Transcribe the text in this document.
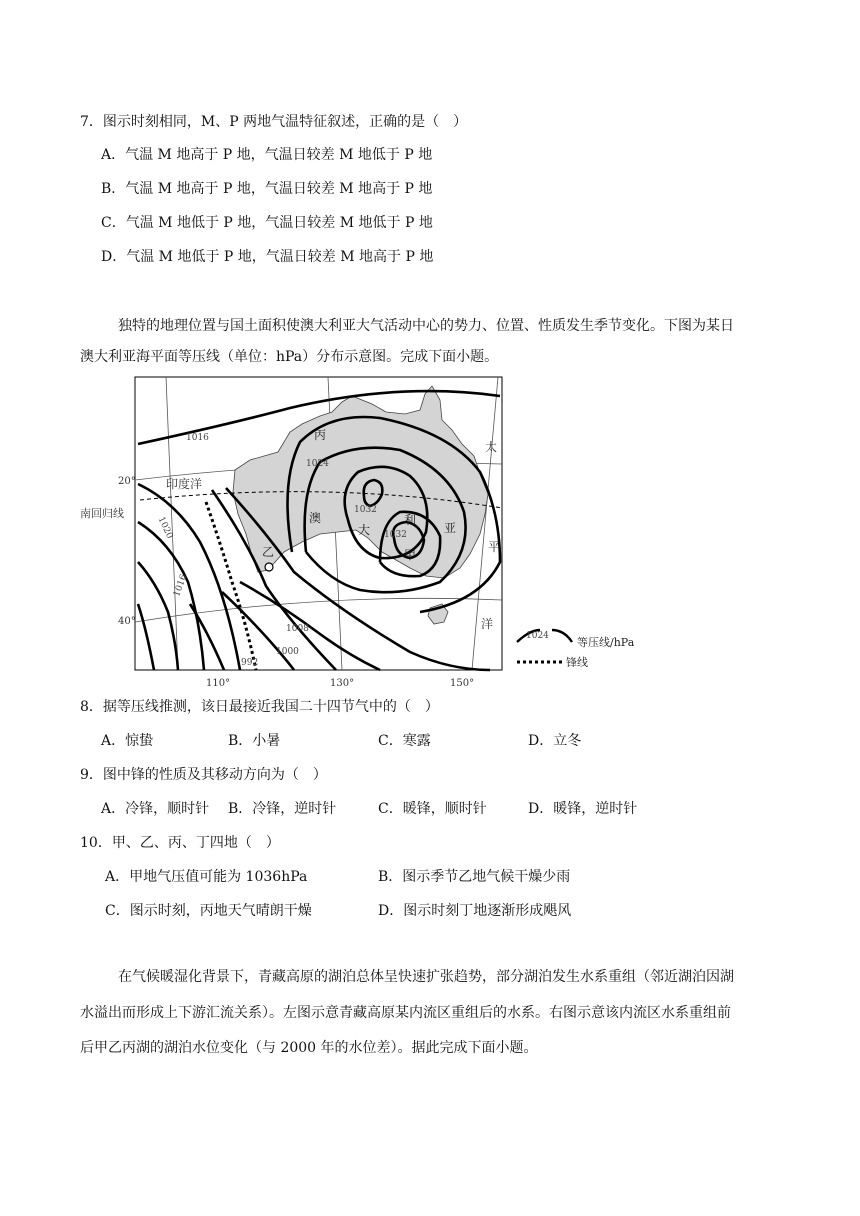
7．图示时刻相同，M、P 两地气温特征叙述，正确的是（　）
A．气温 M 地高于 P 地，气温日较差 M 地低于 P 地
B．气温 M 地高于 P 地，气温日较差 M 地高于 P 地
C．气温 M 地低于 P 地，气温日较差 M 地低于 P 地
D．气温 M 地低于 P 地，气温日较差 M 地高于 P 地
独特的地理位置与国土面积使澳大利亚大气活动中心的势力、位置、性质发生季节变化。下图为某日
澳大利亚海平面等压线（单位：hPa）分布示意图。完成下面小题。
20°
南回归线
40°
110°	130°	150°
印度洋
太
平
洋
澳
大
利
亚
丙
乙	甲
1016
1024
1032
1032
1020
1016
1008
1000
992
1024	等压线/hPa
锋线
8．据等压线推测，该日最接近我国二十四节气中的（　）
A．惊蛰	B．小暑	C．寒露	D．立冬
9．图中锋的性质及其移动方向为（　）
A．冷锋，顺时针 B．冷锋，逆时针	C．暖锋，顺时针	D．暖锋，逆时针
10．甲、乙、丙、丁四地（　）
A．甲地气压值可能为 1036hPa	B．图示季节乙地气候干燥少雨
C．图示时刻，丙地天气晴朗干燥	D．图示时刻丁地逐渐形成飓风
在气候暖湿化背景下，青藏高原的湖泊总体呈快速扩张趋势，部分湖泊发生水系重组（邻近湖泊因湖
水溢出而形成上下游汇流关系）。左图示意青藏高原某内流区重组后的水系。右图示意该内流区水系重组前
后甲乙丙湖的湖泊水位变化（与 2000 年的水位差）。据此完成下面小题。
